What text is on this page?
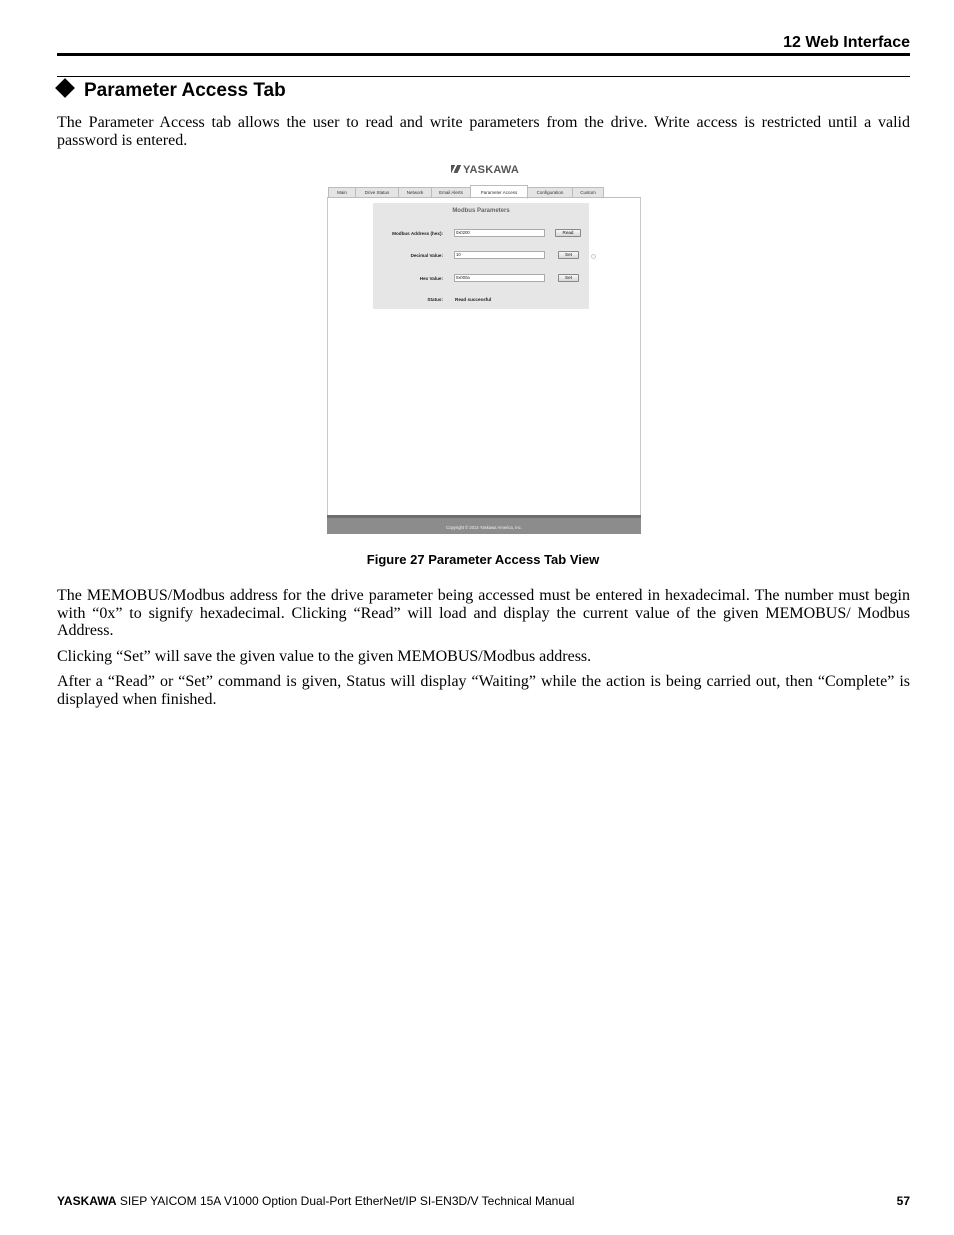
12 Web Interface
Parameter Access Tab

The Parameter Access tab allows the user to read and write parameters from the drive. Write access is restricted until a valid password is entered.

YASKAWA
Main	Drive Status	Network	Email Alerts	Parameter Access	Configuration	Custom
Modbus Parameters
Modbus Address (hex):	0x0200	Read
Decimal Value:	10	Set
Hex Value:	0x000a	Set
Status:	Read successful
Copyright © 2014 Yaskawa America, Inc.
Figure 27 Parameter Access Tab View

The MEMOBUS/Modbus address for the drive parameter being accessed must be entered in hexadecimal. The number must begin with “0x” to signify hexadecimal. Clicking “Read” will load and display the current value of the given MEMOBUS/ Modbus Address.

Clicking “Set” will save the given value to the given MEMOBUS/Modbus address.

After a “Read” or “Set” command is given, Status will display “Waiting” while the action is being carried out, then “Complete” is displayed when finished.

YASKAWA SIEP YAICOM 15A V1000 Option Dual-Port EtherNet/IP SI-EN3D/V Technical Manual	57
